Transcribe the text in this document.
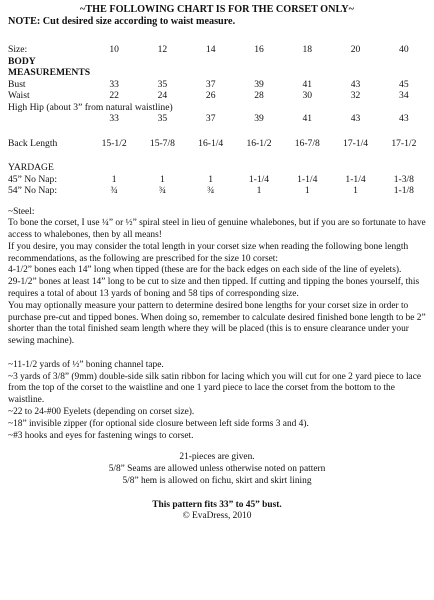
~THE FOLLOWING CHART IS FOR THE CORSET ONLY~
NOTE: Cut desired size according to waist measure.
Size:	10	12	14	16	18	20	40
BODY							
MEASUREMENTS							
Bust	33	35	37	39	41	43	45
Waist	22	24	26	28	30	32	34
High Hip (about 3” from natural waistline)							
	33	35	37	39	41	43	43

Back Length	15-1/2	15-7/8	16-1/4	16-1/2	16-7/8	17-1/4	17-1/2

YARDAGE							
45” No Nap:	1	1	1	1-1/4	1-1/4	1-1/4	1-3/8
54” No Nap:	¾	¾	¾	1	1	1	1-1/8

~Steel:

To bone the corset, I use ¼” or ½” spiral steel in lieu of genuine whalebones, but if you are so fortunate to have access to whalebones, then by all means!

If you desire, you may consider the total length in your corset size when reading the following bone length recommendations, as the following are prescribed for the size 10 corset:

4-1/2” bones each 14” long when tipped (these are for the back edges on each side of the line of eyelets).

29-1/2” bones at least 14” long to be cut to size and then tipped. If cutting and tipping the bones yourself, this requires a total of about 13 yards of boning and 58 tips of corresponding size.

You may optionally measure your pattern to determine desired bone lengths for your corset size in order to purchase pre-cut and tipped bones. When doing so, remember to calculate desired finished bone length to be 2” shorter than the total finished seam length where they will be placed (this is to ensure clearance under your sewing machine).

~11-1/2 yards of ½” boning channel tape.

~3 yards of 3/8” (9mm) double-side silk satin ribbon for lacing which you will cut for one 2 yard piece to lace from the top of the corset to the waistline and one 1 yard piece to lace the corset from the bottom to the waistline.

~22 to 24-#00 Eyelets (depending on corset size).

~18” invisible zipper (for optional side closure between left side forms 3 and 4).

~#3 hooks and eyes for fastening wings to corset.

21-pieces are given.
5/8” Seams are allowed unless otherwise noted on pattern
5/8” hem is allowed on fichu, skirt and skirt lining
This pattern fits 33” to 45” bust.
© EvaDress, 2010
